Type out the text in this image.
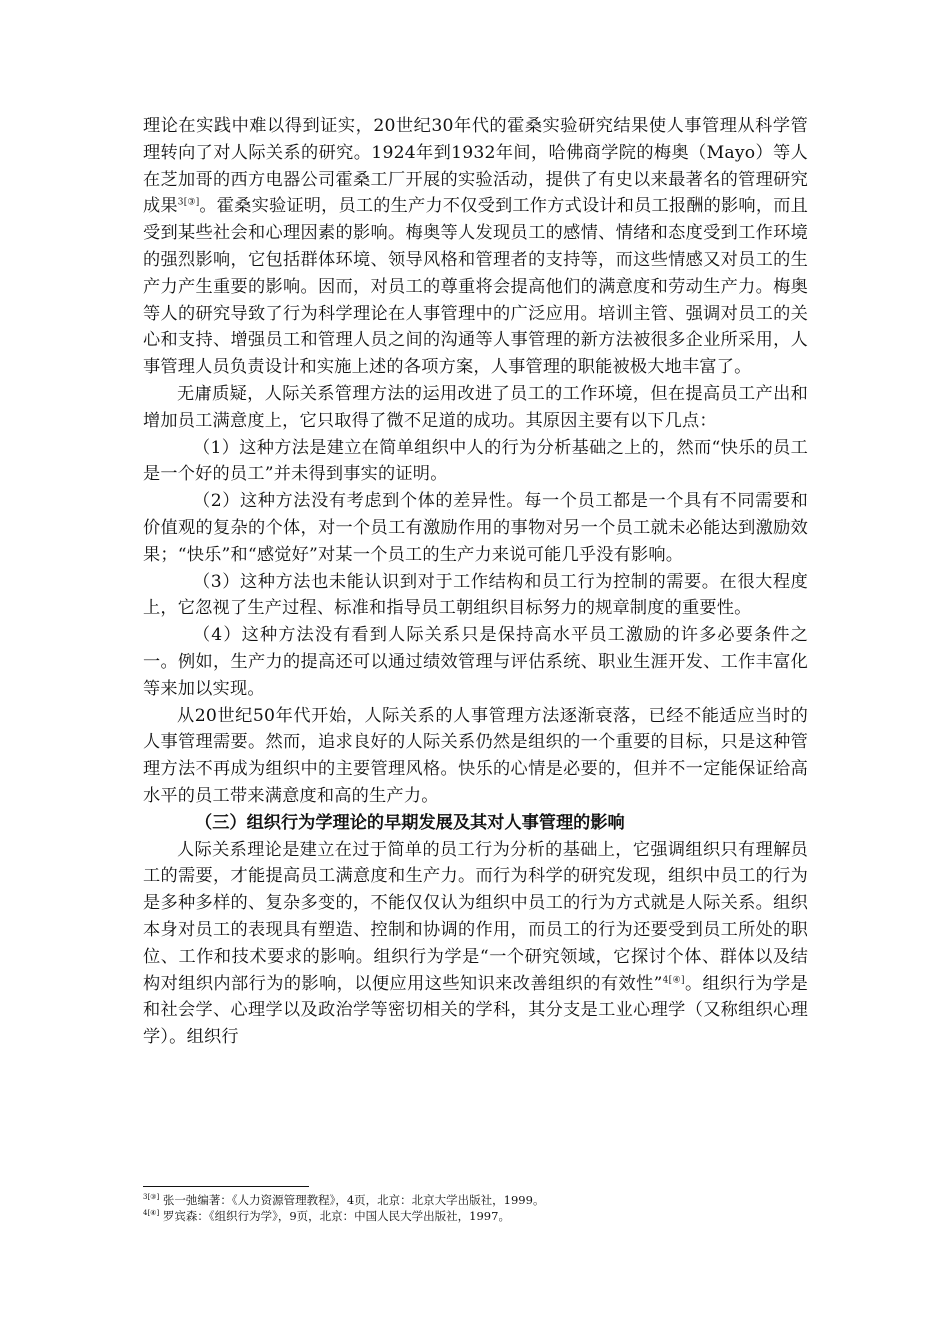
理论在实践中难以得到证实，20世纪30年代的霍桑实验研究结果使人事管理从科学管理转向了对人际关系的研究。1924年到1932年间，哈佛商学院的梅奥（Mayo）等人在芝加哥的西方电器公司霍桑工厂开展的实验活动，提供了有史以来最著名的管理研究成果$^{3[③]}$。霍桑实验证明，员工的生产力不仅受到工作方式设计和员工报酬的影响，而且受到某些社会和心理因素的影响。梅奥等人发现员工的感情、情绪和态度受到工作环境的强烈影响，它包括群体环境、领导风格和管理者的支持等，而这些情感又对员工的生产力产生重要的影响。因而，对员工的尊重将会提高他们的满意度和劳动生产力。梅奥等人的研究导致了行为科学理论在人事管理中的广泛应用。培训主管、强调对员工的关心和支持、增强员工和管理人员之间的沟通等人事管理的新方法被很多企业所采用，人事管理人员负责设计和实施上述的各项方案，人事管理的职能被极大地丰富了。

无庸质疑，人际关系管理方法的运用改进了员工的工作环境，但在提高员工产出和增加员工满意度上，它只取得了微不足道的成功。其原因主要有以下几点：

（1）这种方法是建立在简单组织中人的行为分析基础之上的，然而“快乐的员工是一个好的员工”并未得到事实的证明。

（2）这种方法没有考虑到个体的差异性。每一个员工都是一个具有不同需要和价值观的复杂的个体，对一个员工有激励作用的事物对另一个员工就未必能达到激励效果；“快乐”和“感觉好”对某一个员工的生产力来说可能几乎没有影响。

（3）这种方法也未能认识到对于工作结构和员工行为控制的需要。在很大程度上，它忽视了生产过程、标准和指导员工朝组织目标努力的规章制度的重要性。

（4）这种方法没有看到人际关系只是保持高水平员工激励的许多必要条件之一。例如，生产力的提高还可以通过绩效管理与评估系统、职业生涯开发、工作丰富化等来加以实现。

从20世纪50年代开始，人际关系的人事管理方法逐渐衰落，已经不能适应当时的人事管理需要。然而，追求良好的人际关系仍然是组织的一个重要的目标，只是这种管理方法不再成为组织中的主要管理风格。快乐的心情是必要的，但并不一定能保证给高水平的员工带来满意度和高的生产力。

（三）组织行为学理论的早期发展及其对人事管理的影响

人际关系理论是建立在过于简单的员工行为分析的基础上，它强调组织只有理解员工的需要，才能提高员工满意度和生产力。而行为科学的研究发现，组织中员工的行为是多种多样的、复杂多变的，不能仅仅认为组织中员工的行为方式就是人际关系。组织本身对员工的表现具有塑造、控制和协调的作用，而员工的行为还要受到员工所处的职位、工作和技术要求的影响。组织行为学是“一个研究领域，它探讨个体、群体以及结构对组织内部行为的影响，以便应用这些知识来改善组织的有效性”$^{4[④]}$。组织行为学是和社会学、心理学以及政治学等密切相关的学科，其分支是工业心理学（又称组织心理学）。组织行

$^{3[③]}$ 张一弛编著：《人力资源管理教程》，4页，北京：北京大学出版社，1999。

$^{4[④]}$ 罗宾森：《组织行为学》，9页，北京：中国人民大学出版社，1997。
